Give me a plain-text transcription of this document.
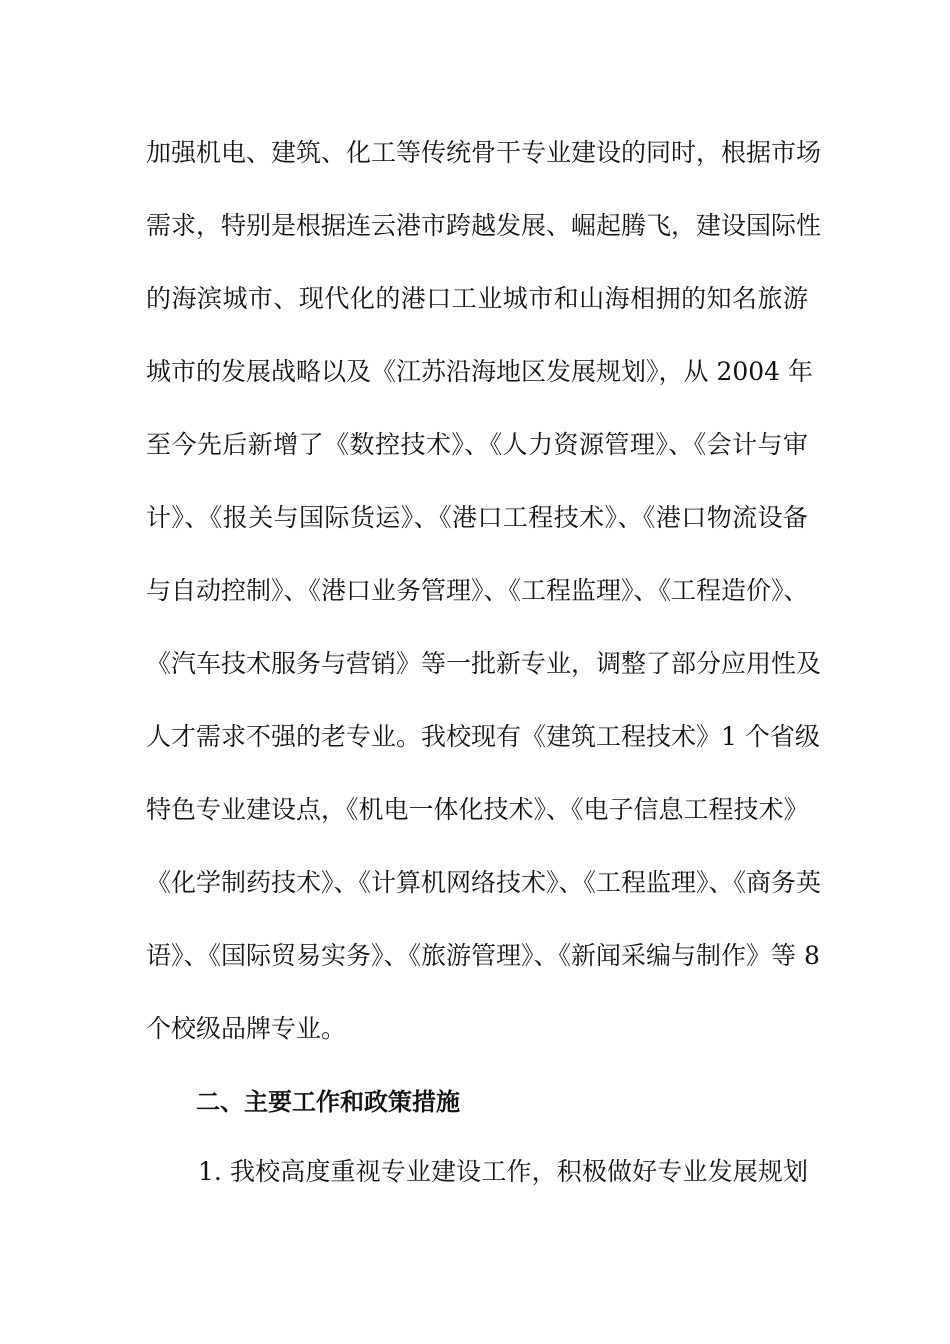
加强机电、建筑、化工等传统骨干专业建设的同时，根据市场
需求，特别是根据连云港市跨越发展、崛起腾飞，建设国际性
的海滨城市、现代化的港口工业城市和山海相拥的知名旅游
城市的发展战略以及《江苏沿海地区发展规划》，从 2004 年
至今先后新增了《数控技术》、《人力资源管理》、《会计与审
计》、《报关与国际货运》、《港口工程技术》、《港口物流设备
与自动控制》、《港口业务管理》、《工程监理》、《工程造价》、
《汽车技术服务与营销》等一批新专业，调整了部分应用性及
人才需求不强的老专业。我校现有《建筑工程技术》1 个省级
特色专业建设点，《机电一体化技术》、《电子信息工程技术》
《化学制药技术》、《计算机网络技术》、《工程监理》、《商务英
语》、《国际贸易实务》、《旅游管理》、《新闻采编与制作》等 8
个校级品牌专业。
二、主要工作和政策措施
1. 我校高度重视专业建设工作，积极做好专业发展规划
